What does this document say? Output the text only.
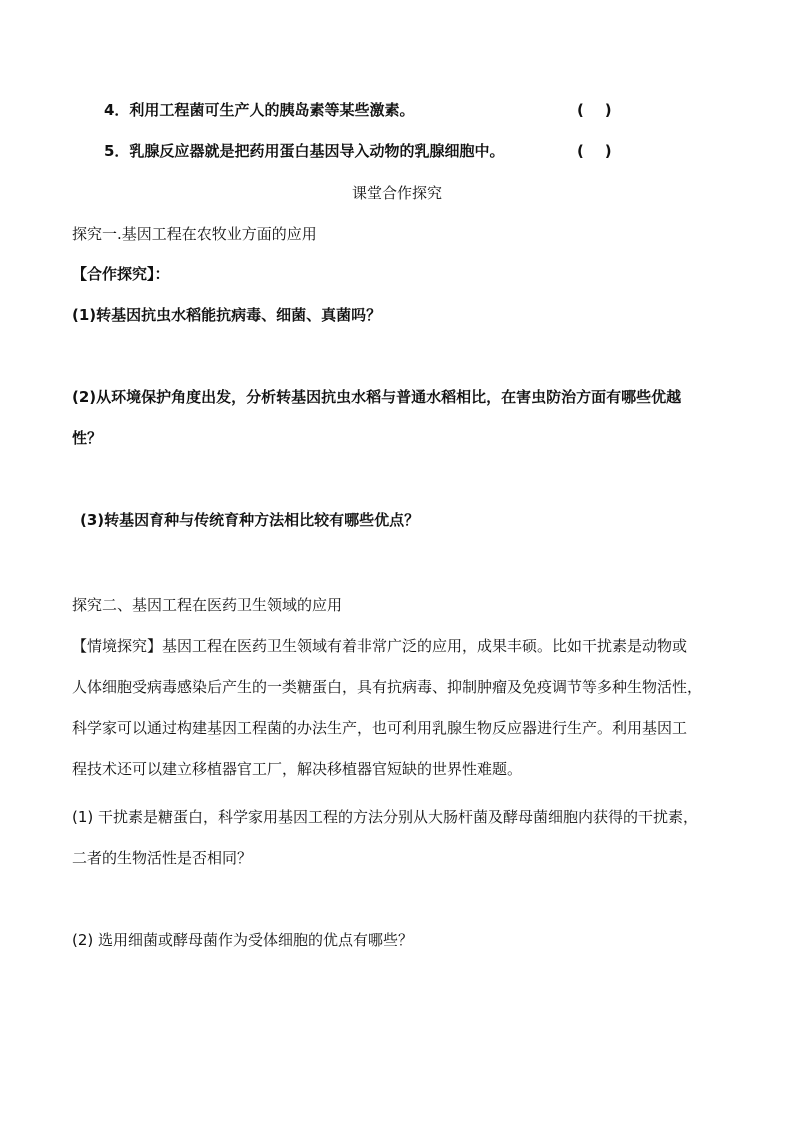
4．利用工程菌可生产人的胰岛素等某些激素。	(    )
5．乳腺反应器就是把药用蛋白基因导入动物的乳腺细胞中。	(    )
课堂合作探究
探究一.基因工程在农牧业方面的应用
【合作探究】：
(1)转基因抗虫水稻能抗病毒、细菌、真菌吗？
(2)从环境保护角度出发，分析转基因抗虫水稻与普通水稻相比，在害虫防治方面有哪些优越
性？
(3)转基因育种与传统育种方法相比较有哪些优点？
探究二、基因工程在医药卫生领域的应用
【情境探究】基因工程在医药卫生领域有着非常广泛的应用，成果丰硕。比如干扰素是动物或
人体细胞受病毒感染后产生的一类糖蛋白，具有抗病毒、抑制肿瘤及免疫调节等多种生物活性，
科学家可以通过构建基因工程菌的办法生产，也可利用乳腺生物反应器进行生产。利用基因工
程技术还可以建立移植器官工厂，解决移植器官短缺的世界性难题。
(1) 干扰素是糖蛋白，科学家用基因工程的方法分别从大肠杆菌及酵母菌细胞内获得的干扰素，
二者的生物活性是否相同？
(2) 选用细菌或酵母菌作为受体细胞的优点有哪些？
